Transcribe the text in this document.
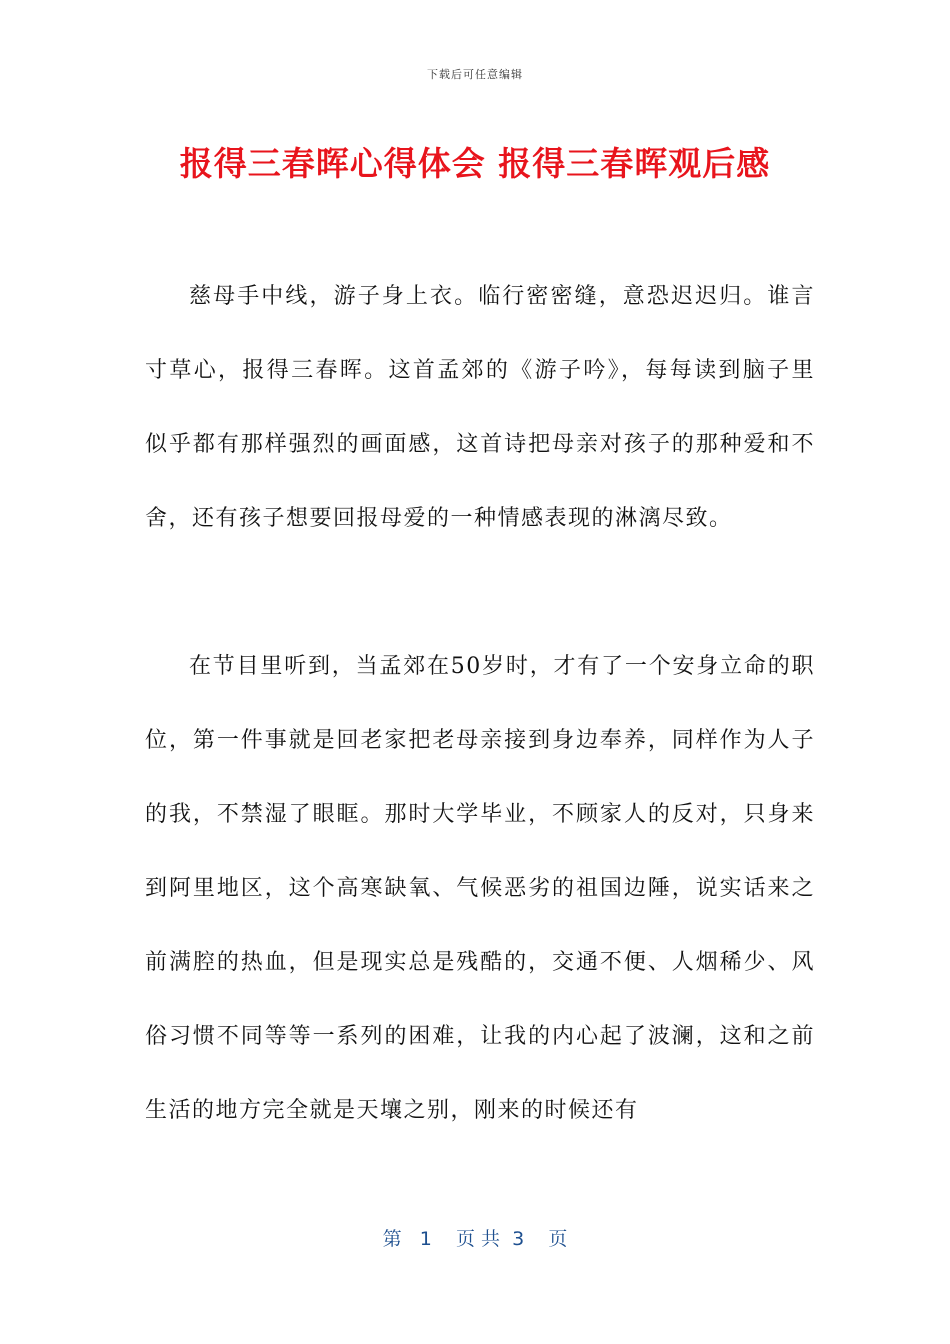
下载后可任意编辑
报得三春晖心得体会 报得三春晖观后感

慈母手中线，游子身上衣。临行密密缝，意恐迟迟归。谁言寸草心，报得三春晖。这首孟郊的《游子吟》，每每读到脑子里似乎都有那样强烈的画面感，这首诗把母亲对孩子的那种爱和不舍，还有孩子想要回报母爱的一种情感表现的淋漓尽致。

在节目里听到，当孟郊在50岁时，才有了一个安身立命的职位，第一件事就是回老家把老母亲接到身边奉养，同样作为人子的我，不禁湿了眼眶。那时大学毕业，不顾家人的反对，只身来到阿里地区，这个高寒缺氧、气候恶劣的祖国边陲，说实话来之前满腔的热血，但是现实总是残酷的，交通不便、人烟稀少、风俗习惯不同等等一系列的困难，让我的内心起了波澜，这和之前生活的地方完全就是天壤之别，刚来的时候还有

第   1    页 共  3    页
